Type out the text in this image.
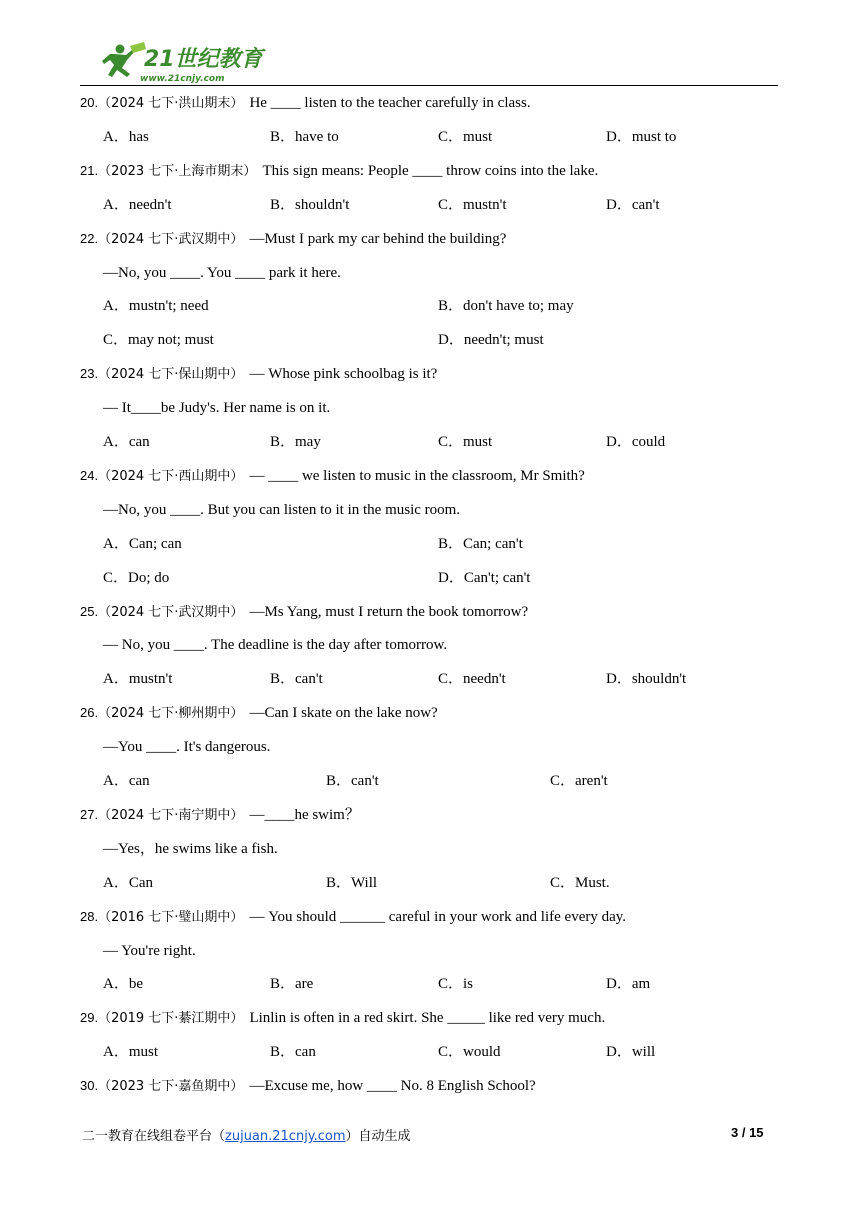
21世纪教育
www.21cnjy.com
20.（2024 七下·洪山期末） He ____ listen to the teacher carefully in class.
A．has	B．have to	C．must	D．must to
21.（2023 七下·上海市期末） This sign means: People ____ throw coins into the lake.
A．needn't	B．shouldn't	C．mustn't	D．can't
22.（2024 七下·武汉期中） —Must I park my car behind the building?
—No, you ____. You ____ park it here.
A．mustn't; need	B．don't have to; may
C．may not; must	D．needn't; must
23.（2024 七下·保山期中） — Whose pink schoolbag is it?
— It____be Judy's. Her name is on it.
A．can	B．may	C．must	D．could
24.（2024 七下·西山期中） — ____ we listen to music in the classroom, Mr Smith?
—No, you ____. But you can listen to it in the music room.
A．Can; can	B．Can; can't
C．Do; do	D．Can't; can't
25.（2024 七下·武汉期中） —Ms Yang, must I return the book tomorrow?
— No, you ____. The deadline is the day after tomorrow.
A．mustn't	B．can't	C．needn't	D．shouldn't
26.（2024 七下·柳州期中） —Can I skate on the lake now?
—You ____. It's dangerous.
A．can	B．can't	C．aren't
27.（2024 七下·南宁期中） —____he swim？
—Yes，he swims like a fish.
A．Can	B．Will	C．Must.
28.（2016 七下·璧山期中） — You should ______ careful in your work and life every day.
— You're right.
A．be	B．are	C．is	D．am
29.（2019 七下·綦江期中） Linlin is often in a red skirt. She _____ like red very much.
A．must	B．can	C．would	D．will
30.（2023 七下·嘉鱼期中） —Excuse me, how ____ No. 8 English School?
二一教育在线组卷平台（zujuan.21cnjy.com）自动生成	3 / 15
